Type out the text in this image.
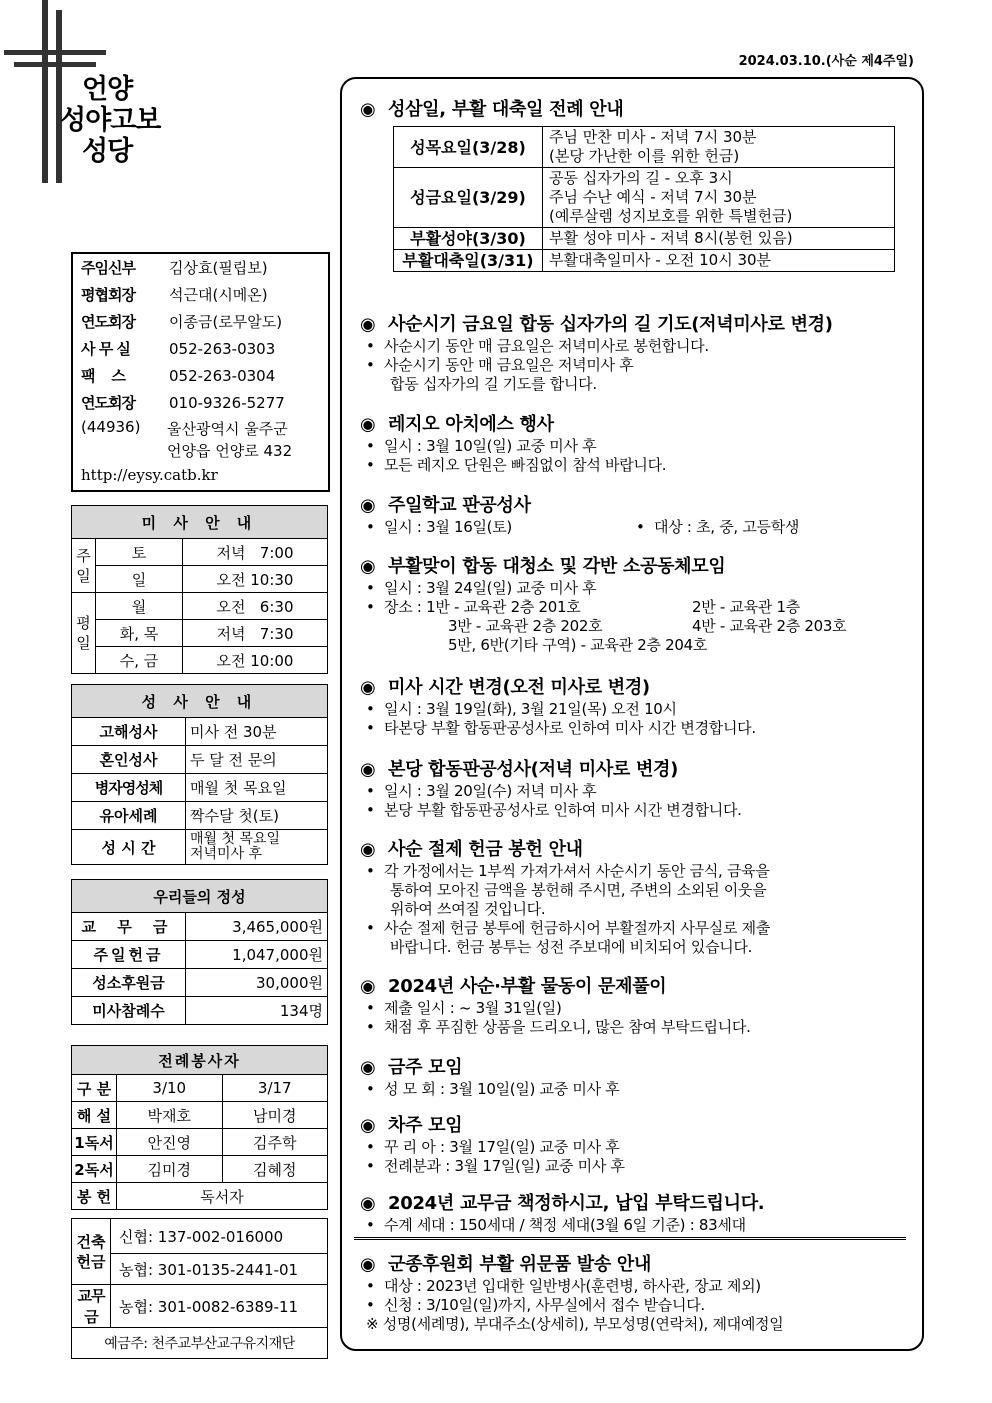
2024.03.10.(사순 제4주일)
언양
성야고보
성당
주임신부 김상효(필립보)
평협회장 석근대(시메온)
연도회장 이종금(로무알도)
사 무 실	052-263-0303
팩    스	052-263-0304
연도회장 010-9326-5277
(44936) 울산광역시 울주군
언양읍 언양로 432
http://eysy.catb.kr
미 사 안 내		
주일	토	저녁   7:00
	일	오전 10:30
평일	월	오전   6:30
	화, 목	저녁   7:30
	수, 금	오전 10:00
성 사 안 내	
고해성사	미사 전 30분
혼인성사	두 달 전 문의
병자영성체	매월 첫 목요일
유아세례	짝수달 첫(토)
성 시 간	매월 첫 목요일
저녁미사 후
우리들의 정성	
교 무 금	3,465,000원
주일헌금	1,047,000원
성소후원금	30,000원
미사참례수	134명
전례봉사자		
구 분	3/10	3/17
해 설	박재호	남미경
1독서	안진영	김주학
2독서	김미경	김혜정
봉 헌	독서자	
건축헌금	신협: 137-002-016000
	농협: 301-0135-2441-01
교무금	농협: 301-0082-6389-11
예금주: 천주교부산교구유지재단	
◉ 성삼일, 부활 대축일 전례 안내
성목요일(3/28)	주님 만찬 미사 - 저녁 7시 30분
(본당 가난한 이를 위한 헌금)

성금요일(3/29)	공동 십자가의 길 - 오후 3시
주님 수난 예식 - 저녁 7시 30분
(예루살렘 성지보호를 위한 특별헌금)

부활성야(3/30)	부활 성야 미사 - 저녁 8시(봉헌 있음)

부활대축일(3/31)	부활대축일미사 - 오전 10시 30분
◉ 사순시기 금요일 합동 십자가의 길 기도(저녁미사로 변경)
• 사순시기 동안 매 금요일은 저녁미사로 봉헌합니다.
• 사순시기 동안 매 금요일은 저녁미사 후
합동 십자가의 길 기도를 합니다.
◉ 레지오 아치에스 행사
• 일시 : 3월 10일(일) 교중 미사 후
• 모든 레지오 단원은 빠짐없이 참석 바랍니다.
◉ 주일학교 판공성사
• 일시 : 3월 16일(토)	• 대상 : 초, 중, 고등학생
◉ 부활맞이 합동 대청소 및 각반 소공동체모임
• 일시 : 3월 24일(일) 교중 미사 후
• 장소 : 1반 - 교육관 2층 201호	2반 - 교육관 1층
3반 - 교육관 2층 202호	4반 - 교육관 2층 203호
5반, 6반(기타 구역) - 교육관 2층 204호
◉ 미사 시간 변경(오전 미사로 변경)
• 일시 : 3월 19일(화), 3월 21일(목) 오전 10시
• 타본당 부활 합동판공성사로 인하여 미사 시간 변경합니다.
◉ 본당 합동판공성사(저녁 미사로 변경)
• 일시 : 3월 20일(수) 저녁 미사 후
• 본당 부활 합동판공성사로 인하여 미사 시간 변경합니다.
◉ 사순 절제 헌금 봉헌 안내
• 각 가정에서는 1부씩 가져가셔서 사순시기 동안 금식, 금육을
통하여 모아진 금액을 봉헌해 주시면, 주변의 소외된 이웃을
위하여 쓰여질 것입니다.
• 사순 절제 헌금 봉투에 헌금하시어 부활절까지 사무실로 제출
바랍니다. 헌금 봉투는 성전 주보대에 비치되어 있습니다.
◉ 2024년 사순·부활 물동이 문제풀이
• 제출 일시 : ~ 3월 31일(일)
• 채점 후 푸짐한 상품을 드리오니, 많은 참여 부탁드립니다.
◉ 금주 모임
• 성 모 회 : 3월 10일(일) 교중 미사 후
◉ 차주 모임
• 꾸 리 아 : 3월 17일(일) 교중 미사 후
• 전례분과 : 3월 17일(일) 교중 미사 후
◉ 2024년 교무금 책정하시고, 납입 부탁드립니다.
• 수계 세대 : 150세대 / 책정 세대(3월 6일 기준) : 83세대
◉ 군종후원회 부활 위문품 발송 안내
• 대상 : 2023년 입대한 일반병사(훈련병, 하사관, 장교 제외)
• 신청 : 3/10일(일)까지, 사무실에서 접수 받습니다.
※ 성명(세례명), 부대주소(상세히), 부모성명(연락처), 제대예정일
